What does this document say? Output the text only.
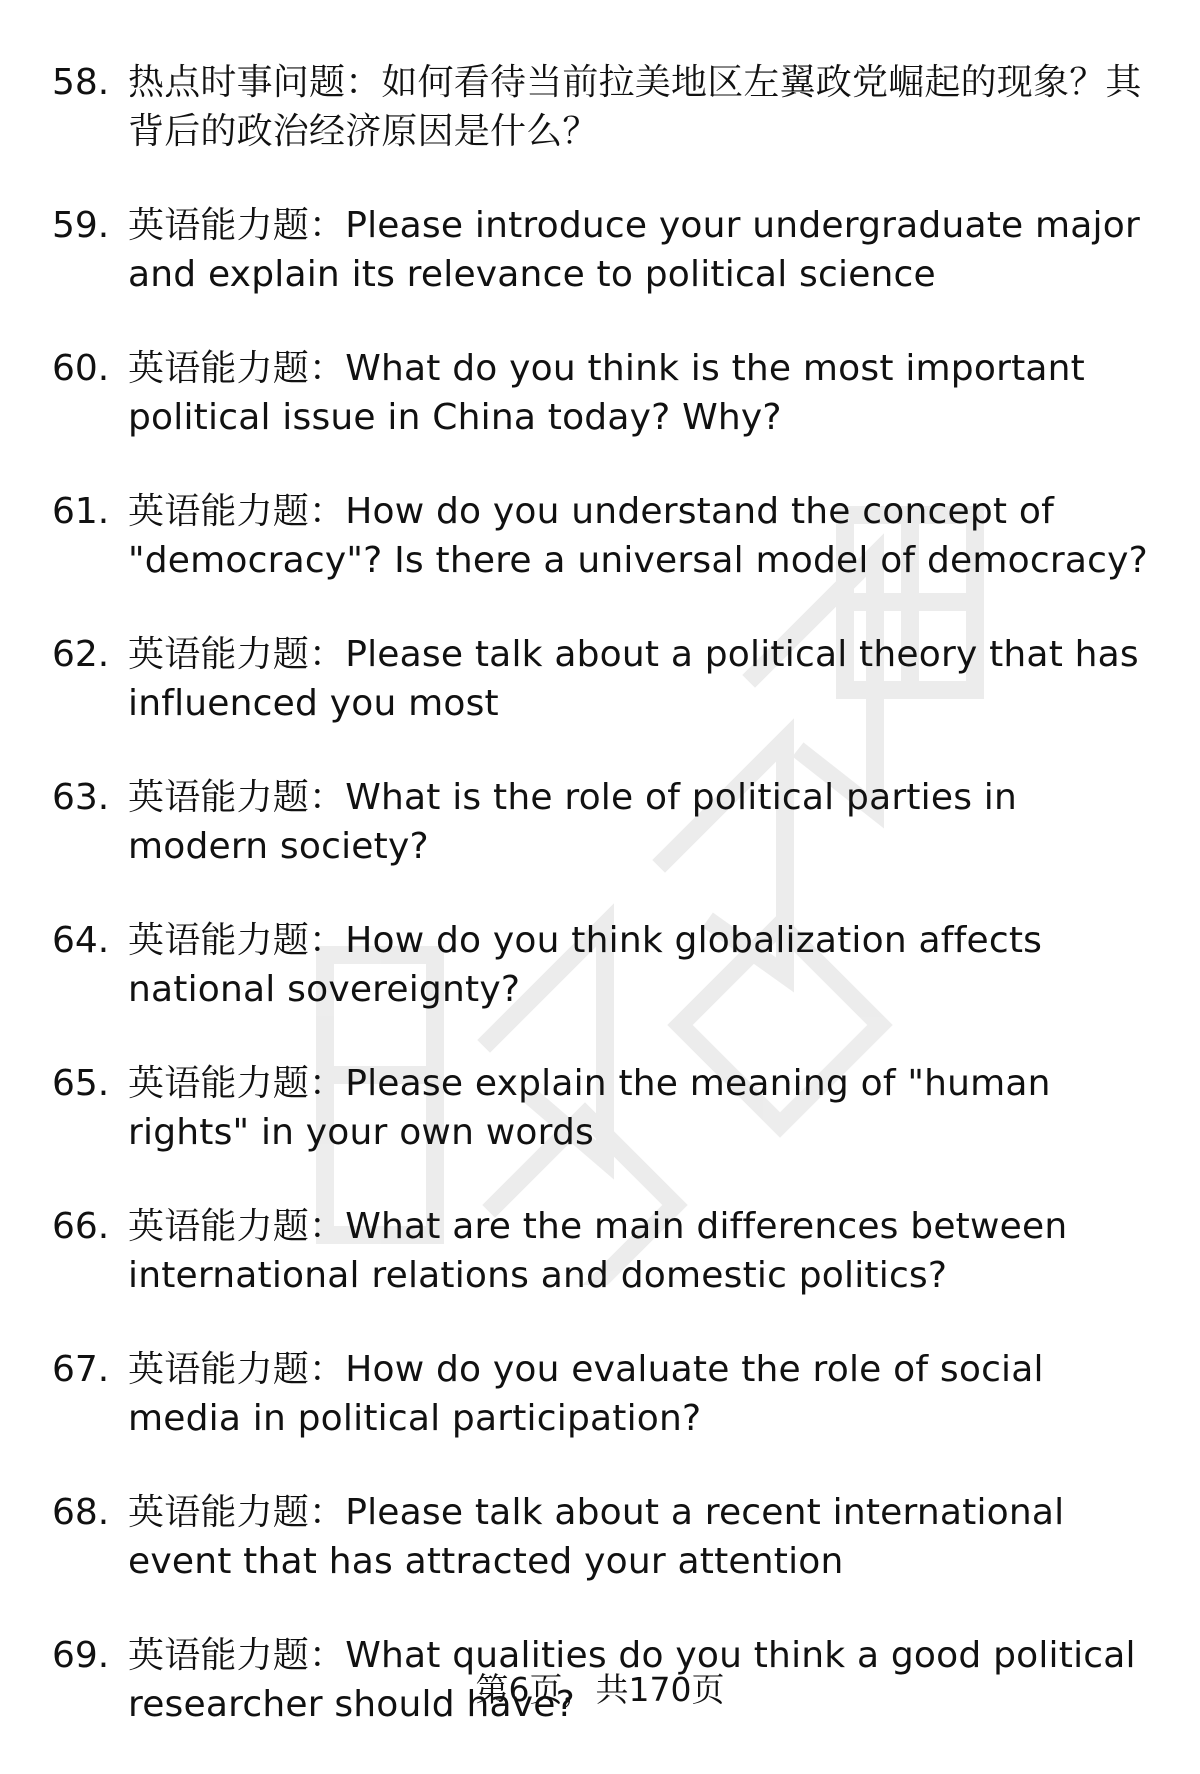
58. 热点时事问题：如何看待当前拉美地区左翼政党崛起的现象？其背后的政治经济原因是什么？
59. 英语能力题：Please introduce your undergraduate major and explain its relevance to political science
60. 英语能力题：What do you think is the most important political issue in China today? Why?
61. 英语能力题：How do you understand the concept of "democracy"? Is there a universal model of democracy?
62. 英语能力题：Please talk about a political theory that has influenced you most
63. 英语能力题：What is the role of political parties in modern society?
64. 英语能力题：How do you think globalization affects national sovereignty?
65. 英语能力题：Please explain the meaning of "human rights" in your own words
66. 英语能力题：What are the main differences between international relations and domestic politics?
67. 英语能力题：How do you evaluate the role of social media in political participation?
68. 英语能力题：Please talk about a recent international event that has attracted your attention
69. 英语能力题：What qualities do you think a good political researcher should have?
第6页，共170页
